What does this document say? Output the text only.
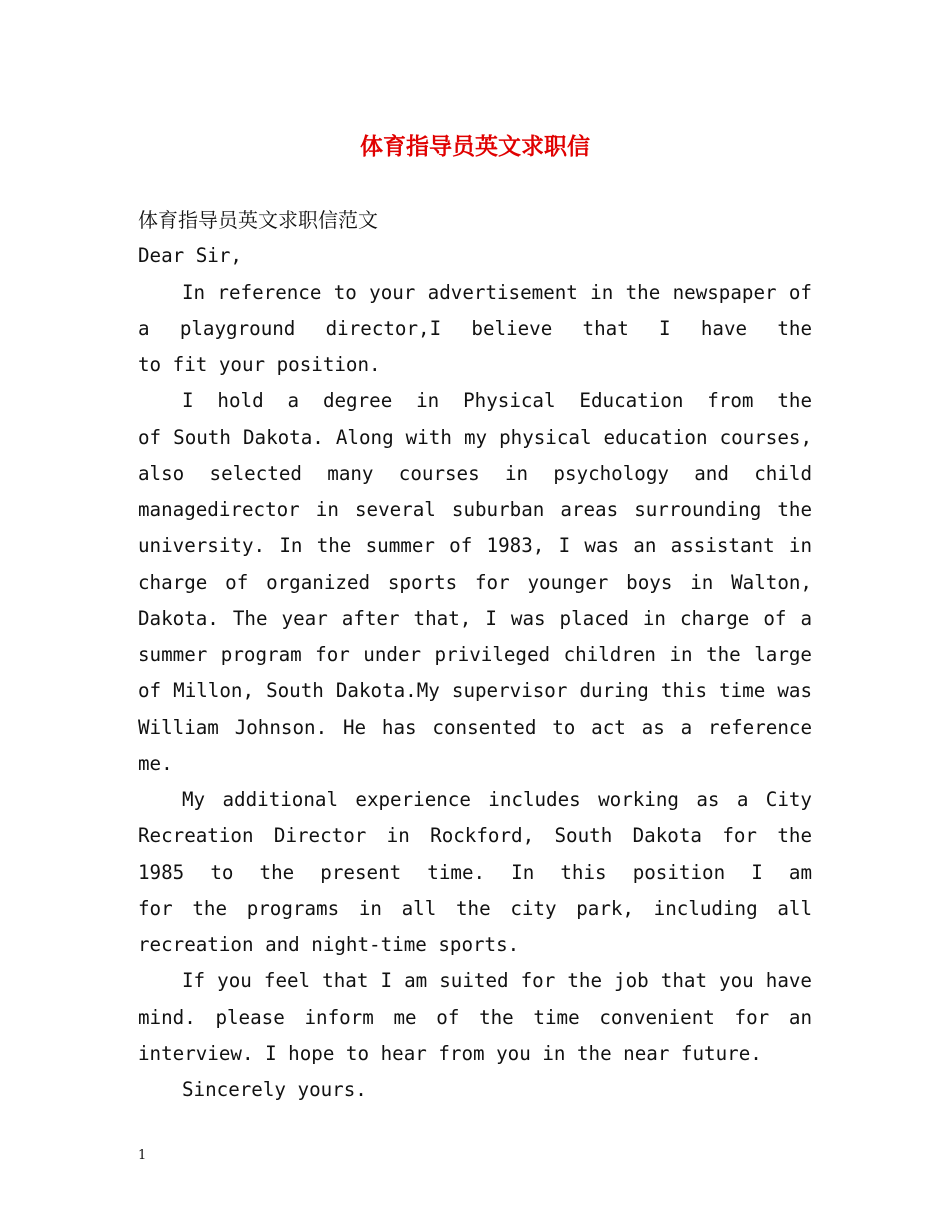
体育指导员英文求职信
体育指导员英文求职信范文
Dear Sir,
In reference to your advertisement in the newspaper of
a playground director,I believe that I have the
to fit your position.
I hold a degree in Physical Education from the
of South Dakota. Along with my physical education courses,
also selected many courses in psychology and child
managedirector in several suburban areas surrounding the
university. In the summer of 1983, I was an assistant in
charge of organized sports for younger boys in Walton,
Dakota. The year after that, I was placed in charge of a
summer program for under privileged children in the large
of Millon, South Dakota.My supervisor during this time was
William Johnson. He has consented to act as a reference
me.
My additional experience includes working as a City
Recreation Director in Rockford, South Dakota for the
1985 to the present time. In this position I am
for the programs in all the city park, including all
recreation and night-time sports.
If you feel that I am suited for the job that you have
mind. please inform me of the time convenient for an
interview. I hope to hear from you in the near future.
Sincerely yours.
1
